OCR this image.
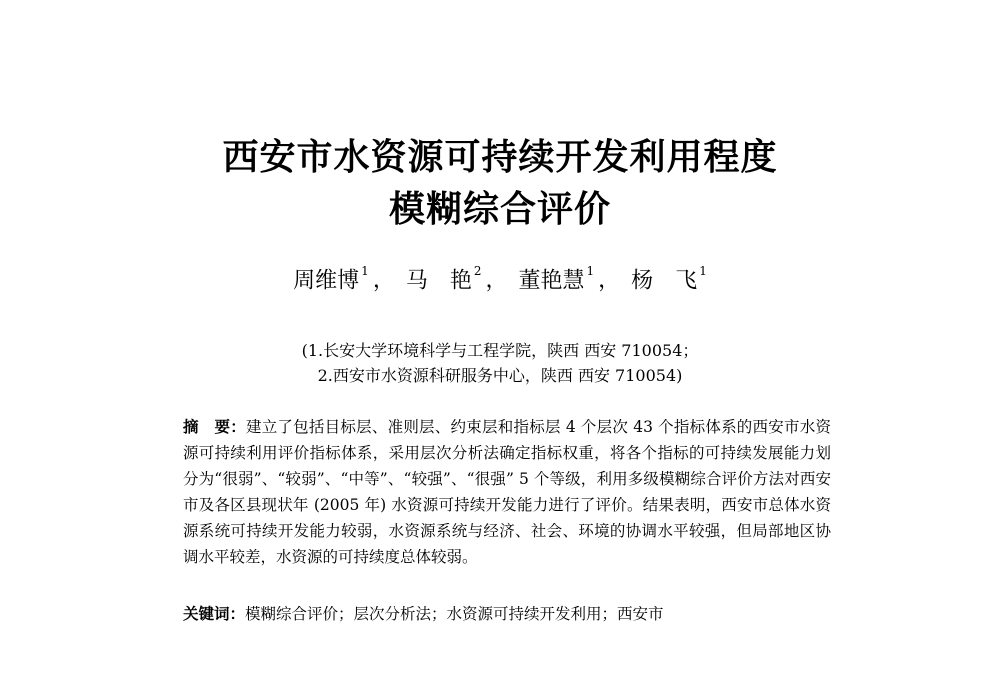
西安市水资源可持续开发利用程度
模糊综合评价
周维博 $^1$ ， 马　艳 $^2$ ， 董艳慧 $^1$ ， 杨　飞 $^1$
(1.长安大学环境科学与工程学院，陕西 西安 710054；
2.西安市水资源科研服务中心，陕西 西安 710054)

摘　要：建立了包括目标层、准则层、约束层和指标层 4 个层次 43 个指标体系的西安市水资源可持续利用评价指标体系，采用层次分析法确定指标权重，将各个指标的可持续发展能力划分为“很弱”、“较弱”、“中等”、“较强”、“很强” 5 个等级，利用多级模糊综合评价方法对西安市及各区县现状年 (2005 年) 水资源可持续开发能力进行了评价。结果表明，西安市总体水资源系统可持续开发能力较弱，水资源系统与经济、社会、环境的协调水平较强，但局部地区协调水平较差，水资源的可持续度总体较弱。

关键词：模糊综合评价；层次分析法；水资源可持续开发利用；西安市
